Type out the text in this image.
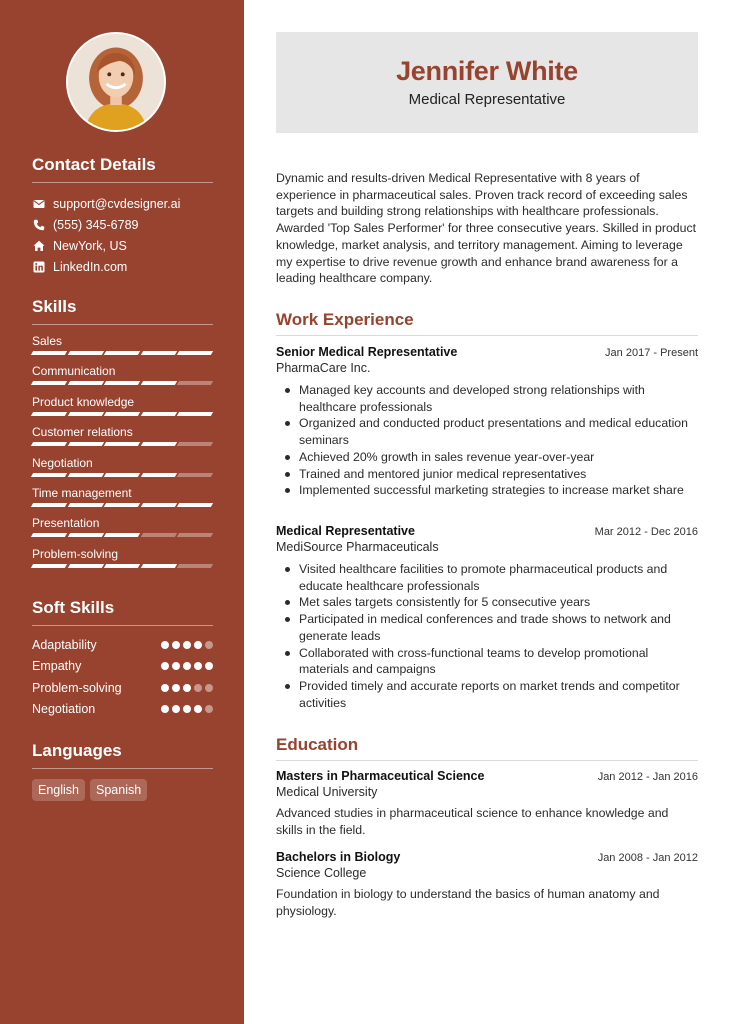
Contact Details
support@cvdesigner.ai
(555) 345-6789
NewYork, US
LinkedIn.com
Skills
Sales
Communication
Product knowledge
Customer relations
Negotiation
Time management
Presentation
Problem-solving
Soft Skills
Adaptability
Empathy
Problem-solving
Negotiation
Languages
English	Spanish
Jennifer White
Medical Representative
Dynamic and results-driven Medical Representative with 8 years of experience in pharmaceutical sales. Proven track record of exceeding sales targets and building strong relationships with healthcare professionals. Awarded 'Top Sales Performer' for three consecutive years. Skilled in product knowledge, market analysis, and territory management. Aiming to leverage my expertise to drive revenue growth and enhance brand awareness for a leading healthcare company.
Work Experience
Senior Medical Representative	Jan 2017 - Present
PharmaCare Inc.
Managed key accounts and developed strong relationships with healthcare professionals
Organized and conducted product presentations and medical education seminars
Achieved 20% growth in sales revenue year-over-year
Trained and mentored junior medical representatives
Implemented successful marketing strategies to increase market share
Medical Representative	Mar 2012 - Dec 2016
MediSource Pharmaceuticals
Visited healthcare facilities to promote pharmaceutical products and educate healthcare professionals
Met sales targets consistently for 5 consecutive years
Participated in medical conferences and trade shows to network and generate leads
Collaborated with cross-functional teams to develop promotional materials and campaigns
Provided timely and accurate reports on market trends and competitor activities
Education
Masters in Pharmaceutical Science	Jan 2012 - Jan 2016
Medical University
Advanced studies in pharmaceutical science to enhance knowledge and skills in the field.
Bachelors in Biology	Jan 2008 - Jan 2012
Science College
Foundation in biology to understand the basics of human anatomy and physiology.
